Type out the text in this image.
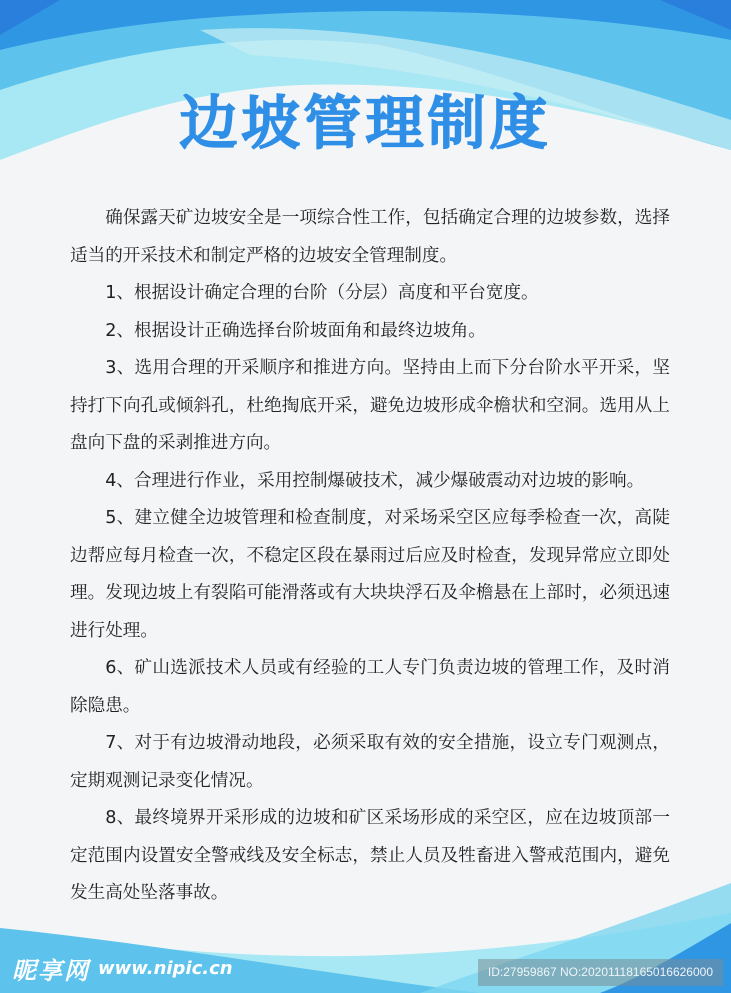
边坡管理制度

确保露天矿边坡安全是一项综合性工作，包括确定合理的边坡参数，选择适当的开采技术和制定严格的边坡安全管理制度。

1、根据设计确定合理的台阶（分层）高度和平台宽度。

2、根据设计正确选择台阶坡面角和最终边坡角。

3、选用合理的开采顺序和推进方向。坚持由上而下分台阶水平开采，坚持打下向孔或倾斜孔，杜绝掏底开采，避免边坡形成伞檐状和空洞。选用从上盘向下盘的采剥推进方向。

4、合理进行作业，采用控制爆破技术，减少爆破震动对边坡的影响。

5、建立健全边坡管理和检查制度，对采场采空区应每季检查一次，高陡边帮应每月检查一次，不稳定区段在暴雨过后应及时检查，发现异常应立即处理。发现边坡上有裂陷可能滑落或有大块块浮石及伞檐悬在上部时，必须迅速进行处理。

6、矿山选派技术人员或有经验的工人专门负责边坡的管理工作，及时消除隐患。

7、对于有边坡滑动地段，必须采取有效的安全措施，设立专门观测点，定期观测记录变化情况。

8、最终境界开采形成的边坡和矿区采场形成的采空区，应在边坡顶部一定范围内设置安全警戒线及安全标志，禁止人员及牲畜进入警戒范围内，避免发生高处坠落事故。

昵享网 www.nipic.cn	ID:27959867 NO:20201118165016626000
